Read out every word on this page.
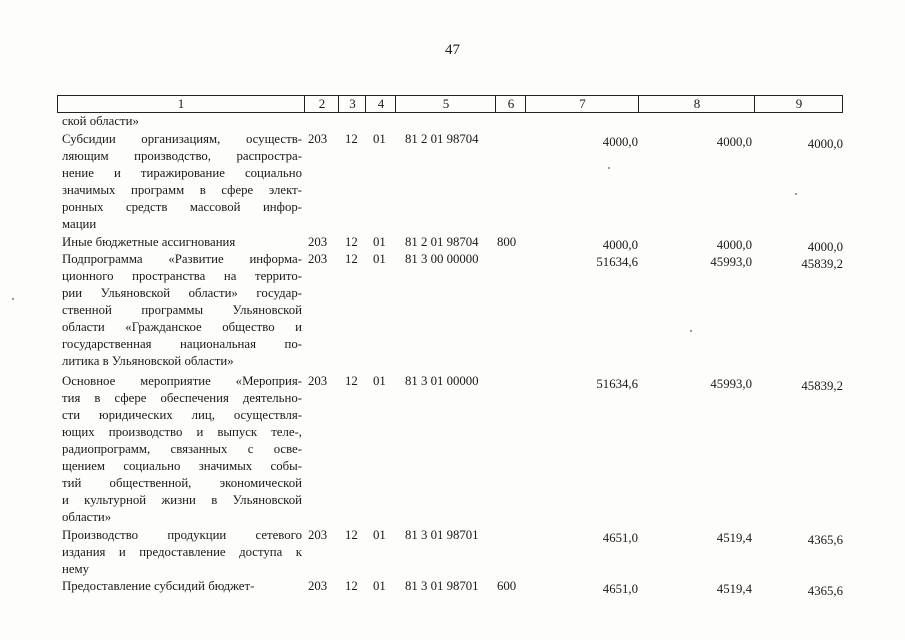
47
1	2	3	4	5	6	7	8	9
ской области»
Субсидии организациям, осуществ-
ляющим производство, распростра-
нение и тиражирование социально
значимых программ в сфере элект-
ронных средств массовой инфор-
мации
203 12 01 81 2 01 98704	4000,0	4000,0	4000,0
Иные бюджетные ассигнования	203 12 01 81 2 01 98704 800	4000,0	4000,0	4000,0
Подпрограмма «Развитие информа-
ционного пространства на террито-
рии Ульяновской области» государ-
ственной программы Ульяновской
области «Гражданское общество и
государственная национальная по-
литика в Ульяновской области»
203 12 01 81 3 00 00000	51634,6	45993,0	45839,2
Основное мероприятие «Мероприя-
тия в сфере обеспечения деятельно-
сти юридических лиц, осуществля-
ющих производство и выпуск теле-,
радиопрограмм, связанных с осве-
щением социально значимых собы-
тий общественной, экономической
и культурной жизни в Ульяновской
области»
203 12 01 81 3 01 00000	51634,6	45993,0	45839,2
Производство продукции сетевого
издания и предоставление доступа к
нему
203 12 01 81 3 01 98701	4651,0	4519,4	4365,6
Предоставление субсидий бюджет-	203 12 01 81 3 01 98701 600	4651,0	4519,4	4365,6
